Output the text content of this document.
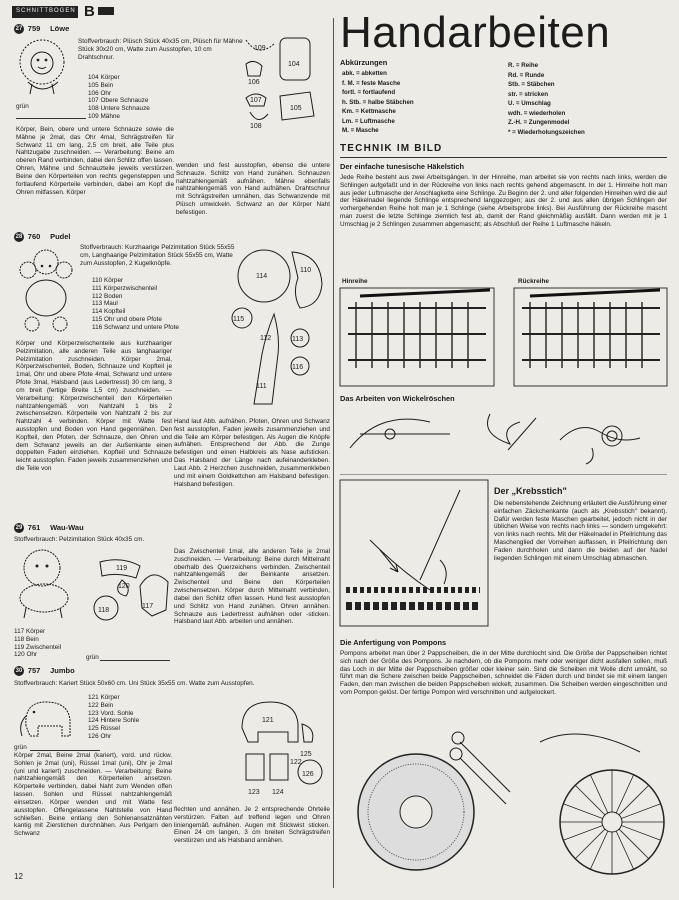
SCHNITTBOGEN B	Handarbeiten
27 759 Löwe
Stoffverbrauch: Plüsch Stück 40x35 cm, Plüsch für Mähne Stück 30x20 cm, Watte zum Ausstopfen, 10 cm Drahtschnur.
104 Körper
105 Bein
106 Ohr
107 Obere Schnauze
108 Untere Schnauze
109 Mähne
grün
109
104
106
107
108
105
Körper, Bein, obere und untere Schnauze sowie die Mähne je 2mal, das Ohr 4mal, Schrägstreifen für Schwanz 11 cm lang, 2,5 cm breit, alle Teile plus Nahtzugabe zuschneiden. — Verarbeitung: Beine am oberen Rand verbinden, dabei den Schlitz offen lassen. Ohren, Mähne und Schnauzteile jeweils verstürzen. Beine den Körperteilen von rechts gegensteppen und fortlaufend Körperteile verbinden, dabei am Kopf die Ohren mitfassen. Körper
wenden und fest ausstopfen, ebenso die untere Schnauze. Schlitz von Hand zunähen. Schnauzen nahtzahlengemäß aufnähen. Mähne ebenfalls nahtzahlengemäß von Hand aufnähen. Drahtschnur mit Schrägstreifen umnähen, das Schwanzende mit Plüsch umwickeln. Schwanz an der Körper Naht befestigen.
28 760 Pudel
Stoffverbrauch: Kurzhaarige Pelzimitation Stück 55x55 cm, Langhaarige Pelzimitation Stück 55x55 cm, Watte zum Ausstopfen, 2 Kugelknöpfe.
110 Körper
111 Körperzwischenteil
112 Boden
113 Maul
114 Kopfteil
115 Ohr und obere Pfote
116 Schwanz und untere Pfote
114
110
115
111
112	113
116
Körper und Körperzwischenteile aus kurzhaariger Pelzimitation, alle anderen Teile aus langhaariger Pelzimitation zuschneiden. Körper 2mal, Körperzwischenteil, Boden, Schnauze und Kopfteil je 1mal, Ohr und obere Pfote 4mal, Schwanz und untere Pfote 3mal, Halsband (aus Ledertresst) 30 cm lang, 3 cm breit (fertige Breite 1,5 cm) zuschneiden. — Verarbeitung: Körperzwischenteil den Körperteilen nahtzahlengemäß von Nahtzahl 1 bis 2 zwischensetzen. Körperteile von Nahtzahl 2 bis zur Nahtzahl 4 verbinden. Körper mit Watte fest ausstopfen und Boden von Hand gegennähen. Den Kopfteil, den Pfoten, der Schnauze, den Ohren und dem Schwanz jeweils an der Außenkante einen doppelten Faden einziehen. Kopfteil und Schnauze leicht ausstopfen. Faden jeweils zusammenziehen und die Teile von
Hand laut Abb. aufnähen. Pfoten, Ohren und Schwanz fest ausstopfen, Faden jeweils zusammenziehen und die Teile am Körper befestigen. Als Augen die Knöpfe aufnähen. Entsprechend der Abb. die Zunge befestigen und einen Halbkreis als Nase aufsticken. Das Halsband der Länge nach aufeinanderkleben. Laut Abb. 2 Herzchen zuschneiden, zusammenkleben und mit einem Goldkettchen am Halsband befestigen. Halsband befestigen.
29 761 Wau-Wau
Stoffverbrauch: Pelzimitation Stück 40x35 cm.
119
120
118
117
117 Körper
118 Bein
119 Zwischenteil
120 Ohr	grün
Das Zwischenteil 1mal, alle anderen Teile je 2mal zuschneiden. — Verarbeitung: Beine durch Mittelnaht oberhalb des Querzeichens verbinden. Zwischenteil nahtzahlengemäß der Beinkante ansetzen. Zwischenteil und Beine den Körperteilen zwischensetzen. Körper durch Mittelnaht verbinden, dabei den Schlitz offen lassen. Hund fest ausstopfen und Schlitz von Hand zunähen. Ohren annähen. Schnauze aus Ledertresst aufnähen oder -sticken. Halsband laut Abb. arbeiten und annähen.
30 757 Jumbo
Stoffverbrauch: Kariert Stück 50x60 cm. Uni Stück 35x55 cm. Watte zum Ausstopfen.
121 Körper
122 Bein
123 Vord. Sohle
124 Hintere Sohle
125 Rüssel
126 Ohr
grün
121
125
122
123 124
126
Körper 2mal, Beine 2mal (kariert), vord. und rückw. Sohlen je 2mal (uni), Rüssel 1mal (uni), Ohr je 2mal (uni und kariert) zuschneiden. — Verarbeitung: Beine nahtzahlengemäß den Körperteilen ansetzen. Körperteile verbinden, dabei Naht zum Wenden offen lassen. Sohlen und Rüssel nahtzahlengemäß einsetzen. Körper wenden und mit Watte fest ausstopfen. Offengelassene Nahtstelle von Hand schließen. Beine entlang den Sohlenansatznähten kantig mit Zierstichen durchnähen. Aus Perlgarn den Schwanz
flechten und annähen. Je 2 entsprechende Ohrteile verstürzen. Falten auf treffend legen und Ohren liniengemäß aufnähen. Augen mit Stickwist sticken. Einen 24 cm langen, 3 cm breiten Schrägstreifen verstürzen und als Halsband annähen.
12
Abkürzungen
abk. = abketten
f. M. = feste Masche
fortl. = fortlaufend
h. Stb. = halbe Stäbchen
Km. = Kettmasche
Lm. = Luftmasche
M. = Masche
R. = Reihe
Rd. = Runde
Stb. = Stäbchen
str. = stricken
U. = Umschlag
wdh. = wiederholen
Z.-H. = Zungenmodel
* = Wiederholungszeichen
TECHNIK IM BILD
Der einfache tunesische Häkelstich
Jede Reihe besteht aus zwei Arbeitsgängen. In der Hinreihe, man arbeitet sie von rechts nach links, werden die Schlingen aufgefaßt und in der Rückreihe von links nach rechts gehend abgemascht. In der 1. Hinreihe holt man aus jeder Luftmasche der Anschlagkette eine Schlinge. Zu Beginn der 2. und aller folgenden Hinreihen wird die auf der Häkelnadel liegende Schlinge entsprechend langgezogen; aus der 2. und aus allen übrigen Schlingen der vorhergehenden Reihe holt man je 1 Schlinge (siehe Arbeitsprobe links). Bei Ausführung der Rückreihe mascht man zuerst die letzte Schlinge ziemlich fest ab, damit der Rand gleichmäßig ausfällt. Dann werden mit je 1 Umschlag je 2 Schlingen zusammen abgemascht; als Abschluß der Reihe 1 Luftmasche häkeln.
Hinreihe	Rückreihe
Das Arbeiten von Wickelröschen
Der „Krebsstich"
Die nebenstehende Zeichnung erläutert die Ausführung einer einfachen Zäckchenkante (auch als „Krebsstich" bekannt). Dafür werden feste Maschen gearbeitet, jedoch nicht in der üblichen Weise von rechts nach links — sondern umgekehrt: von links nach rechts. Mit der Häkelnadel in Pfeilrichtung das Maschenglied der Vorreihen auffassen, in Pfeilrichtung den Faden durchholen und dann die beiden auf der Nadel liegenden Schlingen mit einem Umschlag abmaschen.
Die Anfertigung von Pompons
Pompons arbeitet man über 2 Pappscheiben, die in der Mitte durchlocht sind. Die Größe der Pappscheiben richtet sich nach der Größe des Pompons. Je nachdem, ob die Pompons mehr oder weniger dicht ausfallen sollen, muß das Loch in der Mitte der Pappscheiben größer oder kleiner sein. Sind die Scheiben mit Wolle dicht umnäht, so führt man die Schere zwischen beide Pappscheiben, schneidet die Fäden durch und bindet sie mit einem langen Faden, den man zwischen die beiden Pappscheiben wickelt, zusammen. Die Scheiben werden eingeschnitten und vom Pompon gelöst. Der fertige Pompon wird verschnitten und aufgelockert.
